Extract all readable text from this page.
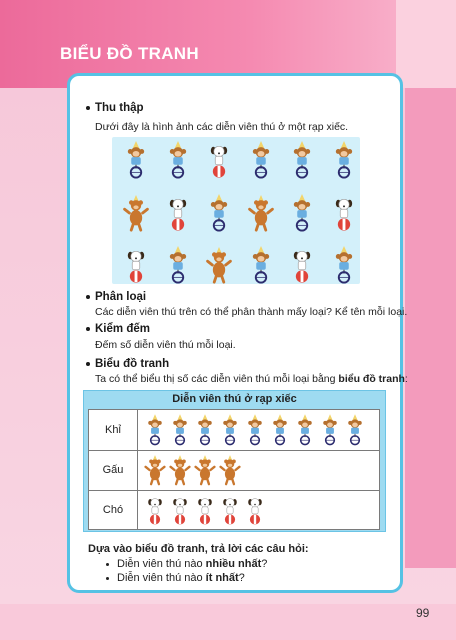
BIỂU ĐỒ TRANH
99
Thu thập
Dưới đây là hình ảnh các diễn viên thú ở một rạp xiếc.
Phân loại
Các diễn viên thú trên có thể phân thành mấy loại? Kể tên mỗi loại.
Kiểm đếm
Đếm số diễn viên thú mỗi loại.
Biểu đồ tranh
Ta có thể biểu thị số các diễn viên thú mỗi loại bằng biểu đồ tranh:
Diễn viên thú ở rạp xiếc
Khỉ
Gấu
Chó
Dựa vào biểu đồ tranh, trả lời các câu hỏi:
Diễn viên thú nào nhiều nhất?
Diễn viên thú nào ít nhất?
